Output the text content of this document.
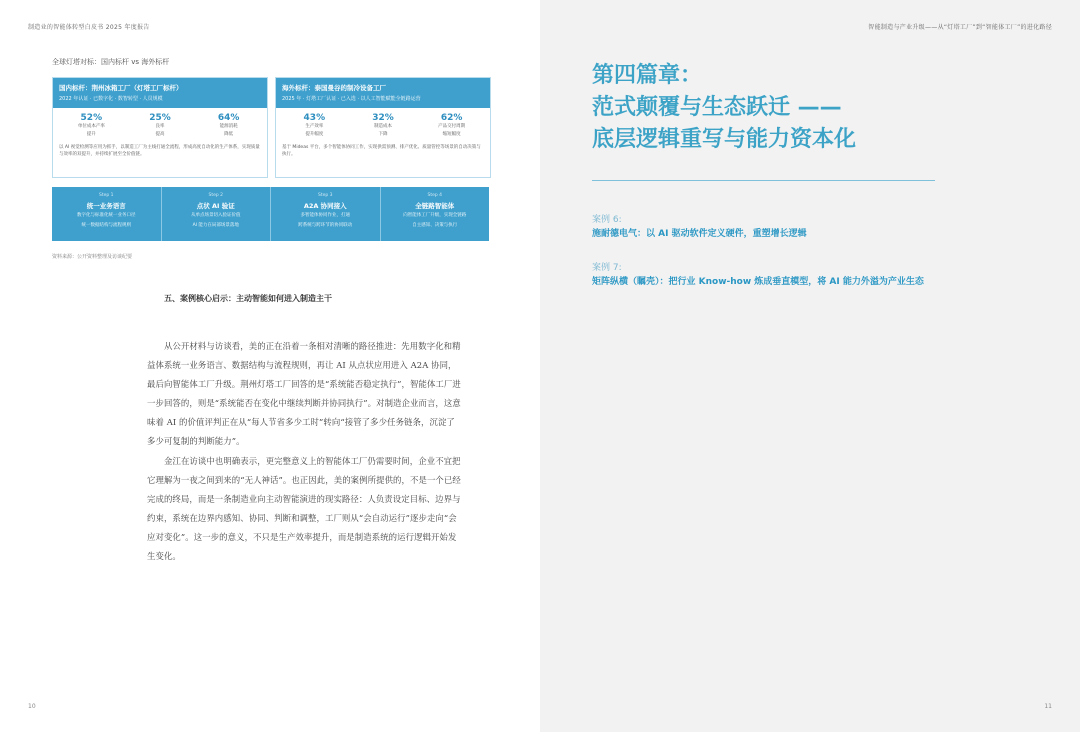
制造业的智能体转型白皮书 2025 年度报告
全球灯塔对标：国内标杆 vs 海外标杆
国内标杆：荆州冰箱工厂（灯塔工厂标杆）
2022 年认证 · 已数字化 · 数智转型 · 人员规模
52%
单位成本产率
提升
25%
良率
提高
64%
能源消耗
降低
以 AI 视觉检测等应用为抓手，以制造工厂为主线打通全流程，形成高度自动化的生产体系，实现质量与效率的双提升，并持续扩展至全价值链。
海外标杆：泰国曼谷的制冷设备工厂
2025 年 · 灯塔工厂认证 · 已入选 · 以人工智能赋能全链路运营
43%
生产效率
提升幅度
32%
制造成本
下降
62%
产品交付周期
缩短幅度
基于 Mideas 平台，多个智能体协同工作，实现供需预测、排产优化、质量管控等场景的自动决策与执行。
Step 1
统一业务语言
数字化与标准化统一业务口径
统一数据结构与流程规则
Step 2
点状 AI 验证
从单点场景切入验证价值
AI 能力在局部场景落地
Step 3
A2A 协同接入
多智能体协同作业，打通
跨系统与跨环节的协同联动
Step 4
全链路智能体
向智能体工厂升级，实现全链路
自主感知、决策与执行
资料来源：公开资料整理及访谈纪要
五、案例核心启示：主动智能如何进入制造主干

从公开材料与访谈看，美的正在沿着一条相对清晰的路径推进：先用数字化和精益体系统一业务语言、数据结构与流程规则，再让 AI 从点状应用进入 A2A 协同，最后向智能体工厂升级。荆州灯塔工厂回答的是“系统能否稳定执行”，智能体工厂进一步回答的，则是“系统能否在变化中继续判断并协同执行”。对制造企业而言，这意味着 AI 的价值评判正在从“每人节省多少工时”转向“接管了多少任务链条，沉淀了多少可复制的判断能力”。

金江在访谈中也明确表示，更完整意义上的智能体工厂仍需要时间，企业不宜把它理解为一夜之间到来的“无人神话”。也正因此，美的案例所提供的，不是一个已经完成的终局，而是一条制造业向主动智能演进的现实路径：人负责设定目标、边界与约束，系统在边界内感知、协同、判断和调整，工厂则从“会自动运行”逐步走向“会应对变化”。这一步的意义，不只是生产效率提升，而是制造系统的运行逻辑开始发生变化。

10
智能制造与产业升级——从“灯塔工厂”到“智能体工厂”的进化路径
11
第四篇章：
范式颠覆与生态跃迁 ——
底层逻辑重写与能力资本化
案例 6:
施耐德电气：以 AI 驱动软件定义硬件，重塑增长逻辑
案例 7:
矩阵纵横（瞩壳）：把行业 Know-how 炼成垂直模型，将 AI 能力外溢为产业生态
